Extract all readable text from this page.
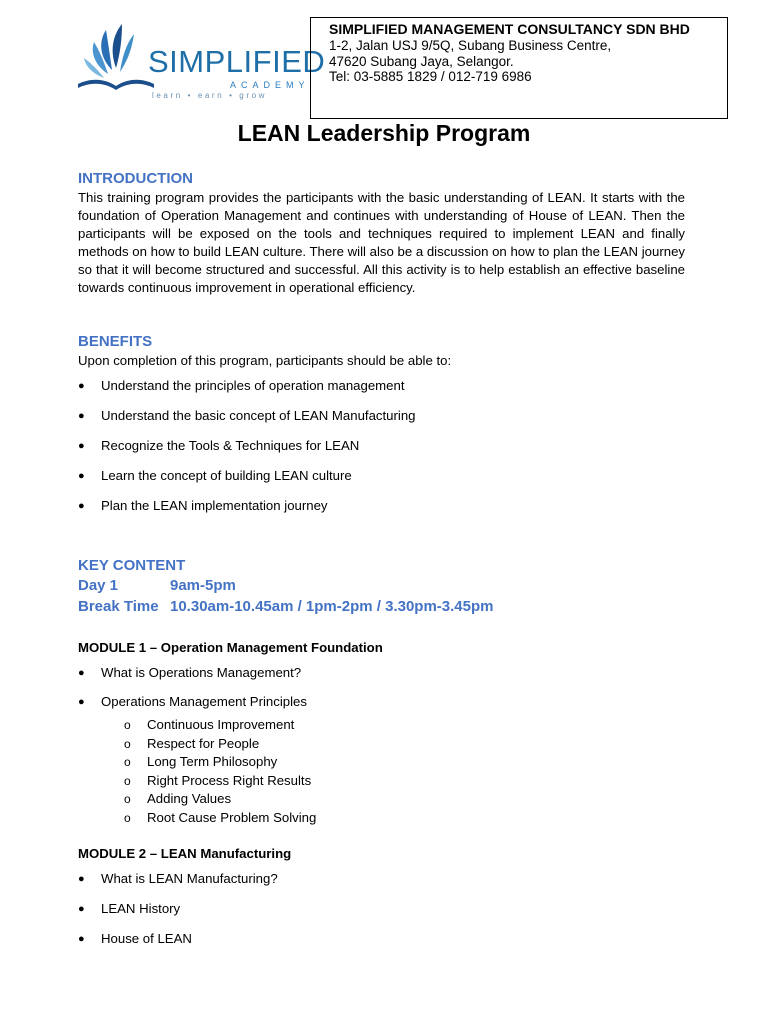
SIMPLIFIED
ACADEMY
learn • earn • grow
SIMPLIFIED MANAGEMENT CONSULTANCY SDN BHD
1-2, Jalan USJ 9/5Q, Subang Business Centre,
47620 Subang Jaya, Selangor.
Tel: 03-5885 1829 / 012-719 6986
LEAN Leadership Program
INTRODUCTION
This training program provides the participants with the basic understanding of LEAN. It starts with the foundation of Operation Management and continues with understanding of House of LEAN. Then the participants will be exposed on the tools and techniques required to implement LEAN and finally methods on how to build LEAN culture. There will also be a discussion on how to plan the LEAN journey so that it will become structured and successful. All this activity is to help establish an effective baseline towards continuous improvement in operational efficiency.
BENEFITS
Upon completion of this program, participants should be able to:
● Understand the principles of operation management
● Understand the basic concept of LEAN Manufacturing
● Recognize the Tools & Techniques for LEAN
● Learn the concept of building LEAN culture
● Plan the LEAN implementation journey
KEY CONTENT
Day 1	9am-5pm
Break Time 10.30am-10.45am / 1pm-2pm / 3.30pm-3.45pm
MODULE 1 – Operation Management Foundation
● What is Operations Management?
● Operations Management Principles
o Continuous Improvement
o Respect for People
o Long Term Philosophy
o Right Process Right Results
o Adding Values
o Root Cause Problem Solving
MODULE 2 – LEAN Manufacturing
● What is LEAN Manufacturing?
● LEAN History
● House of LEAN
